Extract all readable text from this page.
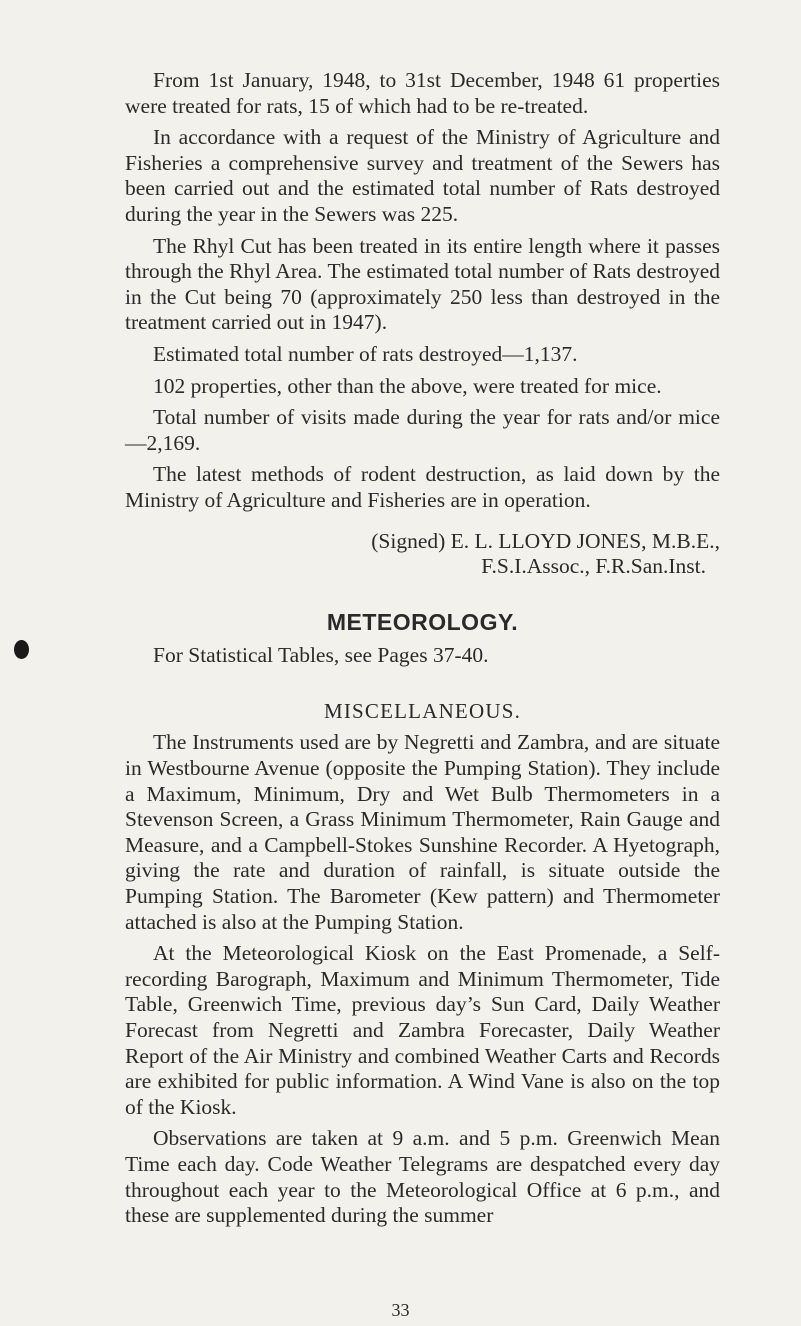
From 1st January, 1948, to 31st December, 1948 61 properties were treated for rats, 15 of which had to be re-treated.

In accordance with a request of the Ministry of Agriculture and Fisheries a comprehensive survey and treatment of the Sewers has been carried out and the estimated total number of Rats destroyed during the year in the Sewers was 225.

The Rhyl Cut has been treated in its entire length where it passes through the Rhyl Area. The estimated total number of Rats destroyed in the Cut being 70 (approximately 250 less than destroyed in the treatment carried out in 1947).

Estimated total number of rats destroyed—1,137.

102 properties, other than the above, were treated for mice.

Total number of visits made during the year for rats and/or mice—2,169.

The latest methods of rodent destruction, as laid down by the Ministry of Agriculture and Fisheries are in operation.

(Signed) E. L. LLOYD JONES, M.B.E.,
F.S.I.Assoc., F.R.San.Inst.
METEOROLOGY.

For Statistical Tables, see Pages 37-40.

MISCELLANEOUS.

The Instruments used are by Negretti and Zambra, and are situate in Westbourne Avenue (opposite the Pumping Station). They include a Maximum, Minimum, Dry and Wet Bulb Thermometers in a Stevenson Screen, a Grass Minimum Thermometer, Rain Gauge and Measure, and a Campbell-Stokes Sunshine Recorder. A Hyetograph, giving the rate and duration of rainfall, is situate outside the Pumping Station. The Barometer (Kew pattern) and Thermometer attached is also at the Pumping Station.

At the Meteorological Kiosk on the East Promenade, a Self-recording Barograph, Maximum and Minimum Thermometer, Tide Table, Greenwich Time, previous day’s Sun Card, Daily Weather Forecast from Negretti and Zambra Forecaster, Daily Weather Report of the Air Ministry and combined Weather Carts and Records are exhibited for public information. A Wind Vane is also on the top of the Kiosk.

Observations are taken at 9 a.m. and 5 p.m. Greenwich Mean Time each day. Code Weather Telegrams are despatched every day throughout each year to the Meteorological Office at 6 p.m., and these are supplemented during the summer

33
